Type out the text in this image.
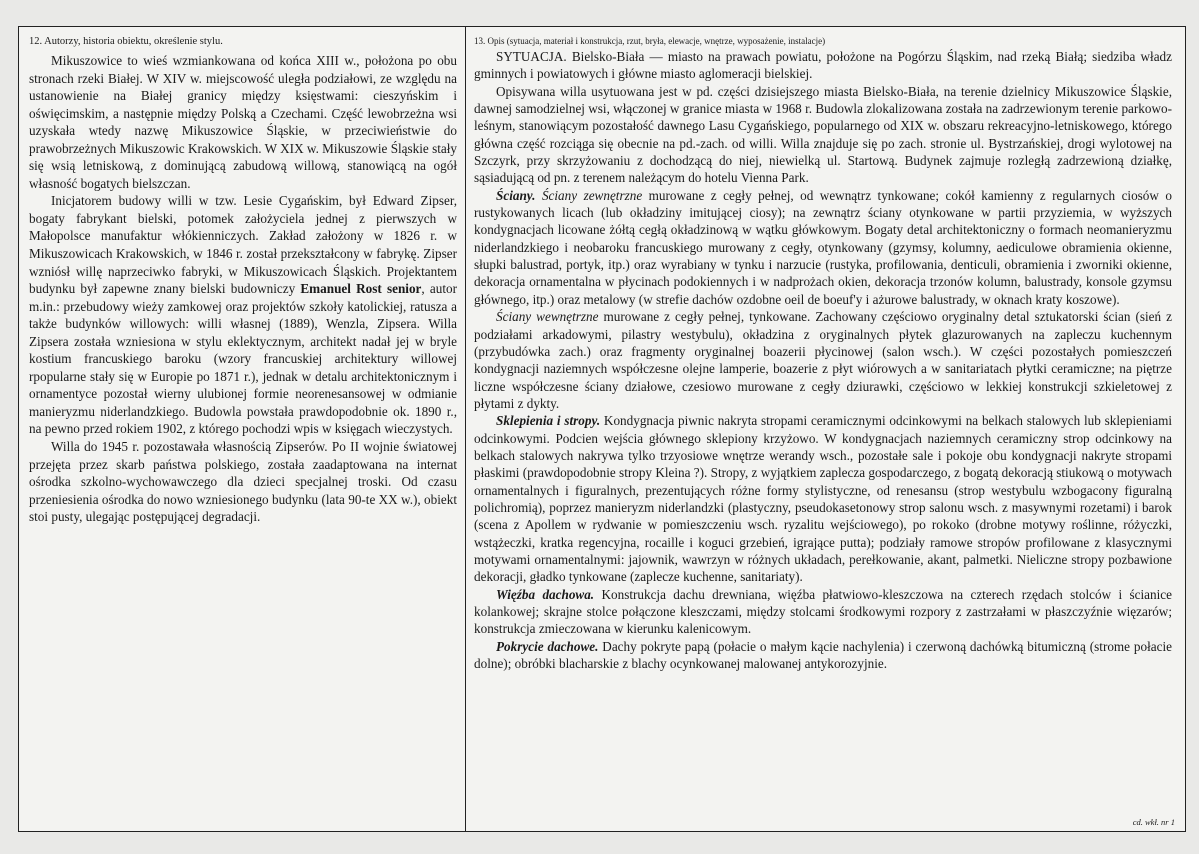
12. Autorzy, historia obiektu, określenie stylu.

Mikuszowice to wieś wzmiankowana od końca XIII w., położona po obu stronach rzeki Białej. W XIV w. miejscowość uległa podziałowi, ze względu na ustanowienie na Białej granicy między księstwami: cieszyńskim i oświęcimskim, a następnie między Polską a Czechami. Część lewobrzeżna wsi uzyskała wtedy nazwę Mikuszowice Śląskie, w przeciwieństwie do prawobrzeżnych Mikuszowic Krakowskich. W XIX w. Mikuszowie Śląskie stały się wsią letniskową, z dominującą zabudową willową, stanowiącą na ogół własność bogatych bielszczan.

Inicjatorem budowy willi w tzw. Lesie Cygańskim, był Edward Zipser, bogaty fabrykant bielski, potomek założyciela jednej z pierwszych w Małopolsce manufaktur włókienniczych. Zakład założony w 1826 r. w Mikuszowicach Krakowskich, w 1846 r. został przekształcony w fabrykę. Zipser wzniósł willę naprzeciwko fabryki, w Mikuszowicach Śląskich. Projektantem budynku był zapewne znany bielski budowniczy Emanuel Rost senior, autor m.in.: przebudowy wieży zamkowej oraz projektów szkoły katolickiej, ratusza a także budynków willowych: willi własnej (1889), Wenzla, Zipsera. Willa Zipsera została wzniesiona w stylu eklektycznym, architekt nadał jej w bryle kostium francuskiego baroku (wzory francuskiej architektury willowej rpopularne stały się w Europie po 1871 r.), jednak w detalu architektonicznym i ornamentyce pozostał wierny ulubionej formie neorenesansowej w odmianie manieryzmu niderlandzkiego. Budowla powstała prawdopodobnie ok. 1890 r., na pewno przed rokiem 1902, z którego pochodzi wpis w księgach wieczystych.

Willa do 1945 r. pozostawała własnością Zipserów. Po II wojnie światowej przejęta przez skarb państwa polskiego, została zaadaptowana na internat ośrodka szkolno-wychowawczego dla dzieci specjalnej troski. Od czasu przeniesienia ośrodka do nowo wzniesionego budynku (lata 90-te XX w.), obiekt stoi pusty, ulegając postępującej degradacji.

13. Opis (sytuacja, materiał i konstrukcja, rzut, bryła, elewacje, wnętrze, wyposażenie, instalacje)

SYTUACJA. Bielsko-Biała — miasto na prawach powiatu, położone na Pogórzu Śląskim, nad rzeką Białą; siedziba władz gminnych i powiatowych i główne miasto aglomeracji bielskiej.

Opisywana willa usytuowana jest w pd. części dzisiejszego miasta Bielsko-Biała, na terenie dzielnicy Mikuszowice Śląskie, dawnej samodzielnej wsi, włączonej w granice miasta w 1968 r. Budowla zlokalizowana została na zadrzewionym terenie parkowo-leśnym, stanowiącym pozostałość dawnego Lasu Cygańskiego, popularnego od XIX w. obszaru rekreacyjno-letniskowego, którego główna część rozciąga się obecnie na pd.-zach. od willi. Willa znajduje się po zach. stronie ul. Bystrzańskiej, drogi wylotowej na Szczyrk, przy skrzyżowaniu z dochodzącą do niej, niewielką ul. Startową. Budynek zajmuje rozległą zadrzewioną działkę, sąsiadującą od pn. z terenem należącym do hotelu Vienna Park.

Ściany. Ściany zewnętrzne murowane z cegły pełnej, od wewnątrz tynkowane; cokół kamienny z regularnych ciosów o rustykowanych licach (lub okładziny imitującej ciosy); na zewnątrz ściany otynkowane w partii przyziemia, w wyższych kondygnacjach licowane żółtą cegłą okładzinową w wątku główkowym. Bogaty detal architektoniczny o formach neomanieryzmu niderlandzkiego i neobaroku francuskiego murowany z cegły, otynkowany (gzymsy, kolumny, aediculowe obramienia okienne, słupki balustrad, portyk, itp.) oraz wyrabiany w tynku i narzucie (rustyka, profilowania, denticuli, obramienia i zworniki okienne, dekoracja ornamentalna w płycinach podokiennych i w nadprożach okien, dekoracja trzonów kolumn, balustrady, konsole gzymsu głównego, itp.) oraz metalowy (w strefie dachów ozdobne oeil de boeuf'y i ażurowe balustrady, w oknach kraty koszowe).

Ściany wewnętrzne murowane z cegły pełnej, tynkowane. Zachowany częściowo oryginalny detal sztukatorski ścian (sień z podziałami arkadowymi, pilastry westybulu), okładzina z oryginalnych płytek glazurowanych na zapleczu kuchennym (przybudówka zach.) oraz fragmenty oryginalnej boazerii płycinowej (salon wsch.). W części pozostałych pomieszczeń kondygnacji naziemnych współczesne olejne lamperie, boazerie z płyt wiórowych a w sanitariatach płytki ceramiczne; na piętrze liczne współczesne ściany działowe, czesiowo murowane z cegły dziurawki, częściowo w lekkiej konstrukcji szkieletowej z płytami z dykty.

Sklepienia i stropy. Kondygnacja piwnic nakryta stropami ceramicznymi odcinkowymi na belkach stalowych lub sklepieniami odcinkowymi. Podcien wejścia głównego sklepiony krzyżowo. W kondygnacjach naziemnych ceramiczny strop odcinkowy na belkach stalowych nakrywa tylko trzyosiowe wnętrze werandy wsch., pozostałe sale i pokoje obu kondygnacji nakryte stropami płaskimi (prawdopodobnie stropy Kleina ?). Stropy, z wyjątkiem zaplecza gospodarczego, z bogatą dekoracją stiukową o motywach ornamentalnych i figuralnych, prezentujących różne formy stylistyczne, od renesansu (strop westybulu wzbogacony figuralną polichromią), poprzez manieryzm niderlandzki (plastyczny, pseudokasetonowy strop salonu wsch. z masywnymi rozetami) i barok (scena z Apollem w rydwanie w pomieszczeniu wsch. ryzalitu wejściowego), po rokoko (drobne motywy roślinne, różyczki, wstążeczki, kratka regencyjna, rocaille i koguci grzebień, igrające putta); podziały ramowe stropów profilowane z klasycznymi motywami ornamentalnymi: jajownik, wawrzyn w różnych układach, perełkowanie, akant, palmetki. Nieliczne stropy pozbawione dekoracji, gładko tynkowane (zaplecze kuchenne, sanitariaty).

Więźba dachowa. Konstrukcja dachu drewniana, więźba płatwiowo-kleszczowa na czterech rzędach stolców i ścianice kolankowej; skrajne stolce połączone kleszczami, między stolcami środkowymi rozpory z zastrzałami w płaszczyźnie więzarów; konstrukcja zmieczowana w kierunku kalenicowym.

Pokrycie dachowe. Dachy pokryte papą (połacie o małym kącie nachylenia) i czerwoną dachówką bitumiczną (strome połacie dolne); obróbki blacharskie z blachy ocynkowanej malowanej antykorozyjnie.

cd. wkł. nr 1
